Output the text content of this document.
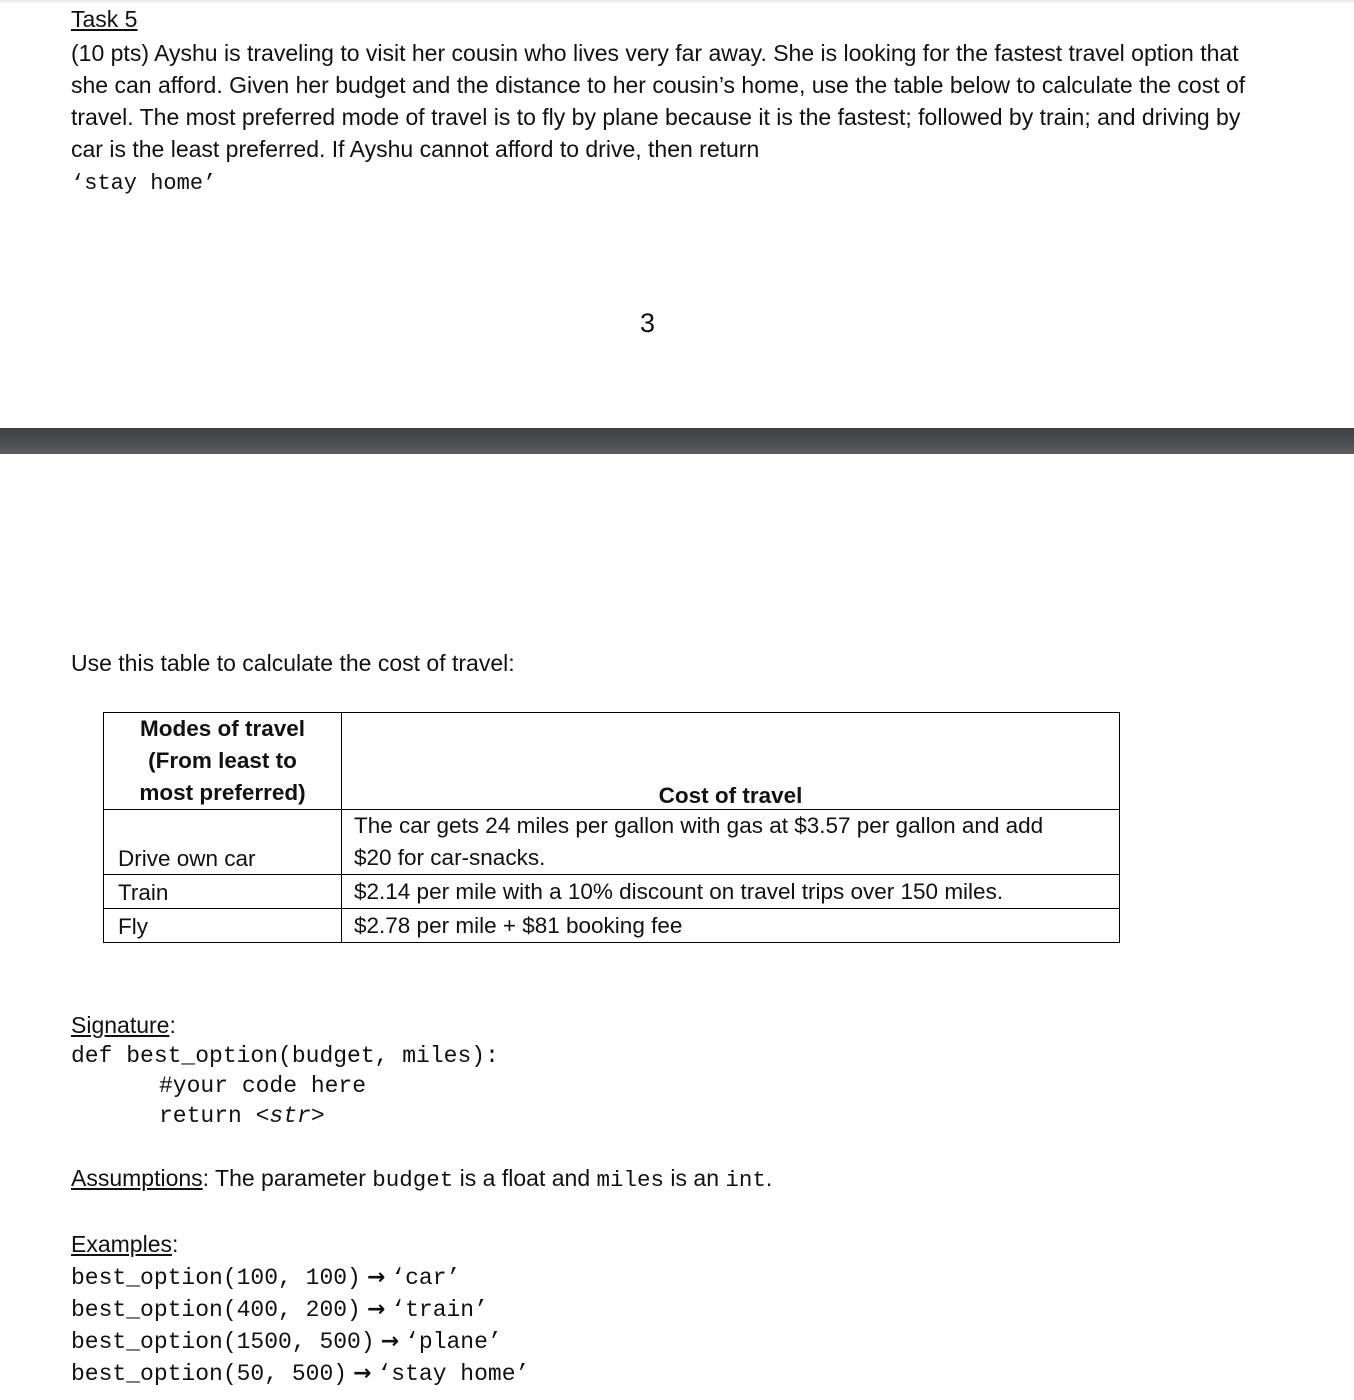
Task 5
(10 pts) Ayshu is traveling to visit her cousin who lives very far away. She is looking for the fastest travel option that she can afford. Given her budget and the distance to her cousin’s home, use the table below to calculate the cost of travel. The most preferred mode of travel is to fly by plane because it is the fastest; followed by train; and driving by car is the least preferred. If Ayshu cannot afford to drive, then return
‘stay home’
3
Use this table to calculate the cost of travel:
Modes of travel
(From least to
most preferred)	Cost of travel
Drive own car	The car gets 24 miles per gallon with gas at $3.57 per gallon and add
$20 for car-snacks.
Train	$2.14 per mile with a 10% discount on travel trips over 150 miles.
Fly	$2.78 per mile + $81 booking fee
Signature:
def best_option(budget, miles):
#your code here
return <str>
Assumptions: The parameter budget is a float and miles is an int.
Examples:
best_option(100, 100) → ‘car’
best_option(400, 200) → ‘train’
best_option(1500, 500) → ‘plane’
best_option(50, 500) → ‘stay home’
